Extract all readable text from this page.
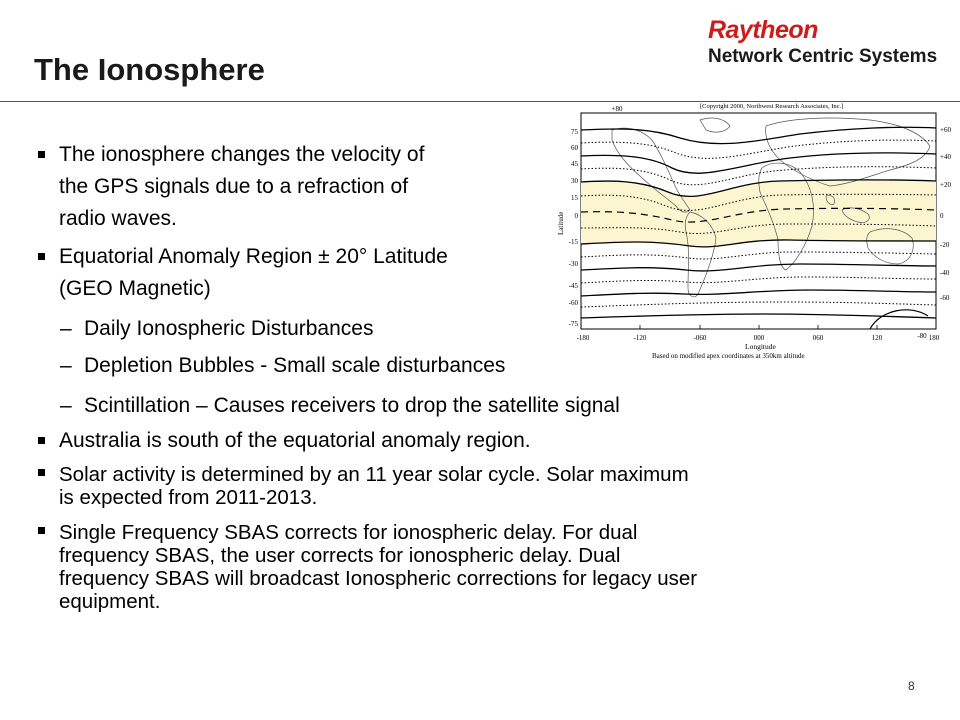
The Ionosphere
Raytheon
Network Centric Systems
[Copyright 2000, Northwest Research Associates, Inc.]
Latitude
Longitude
Based on modified apex coordinates at 350km altitude
75
60
45
30
15
0
-15
-30
-45
-60
-75
-180	-120	-060	000	060	120	180
+80
+60
+40
+20
0
-20
-40
-60
-80
The ionosphere changes the velocity of
the GPS signals due to a refraction of
radio waves.
Equatorial Anomaly Region ± 20° Latitude
(GEO Magnetic)
– Daily Ionospheric Disturbances
– Depletion Bubbles - Small scale disturbances
– Scintillation – Causes receivers to drop the satellite signal
Australia is south of the equatorial anomaly region.
Solar activity is determined by an 11 year solar cycle. Solar maximum
is expected from 2011-2013.
Single Frequency SBAS corrects for ionospheric delay. For dual
frequency SBAS, the user corrects for ionospheric delay. Dual
frequency SBAS will broadcast Ionospheric corrections for legacy user
equipment.
8
